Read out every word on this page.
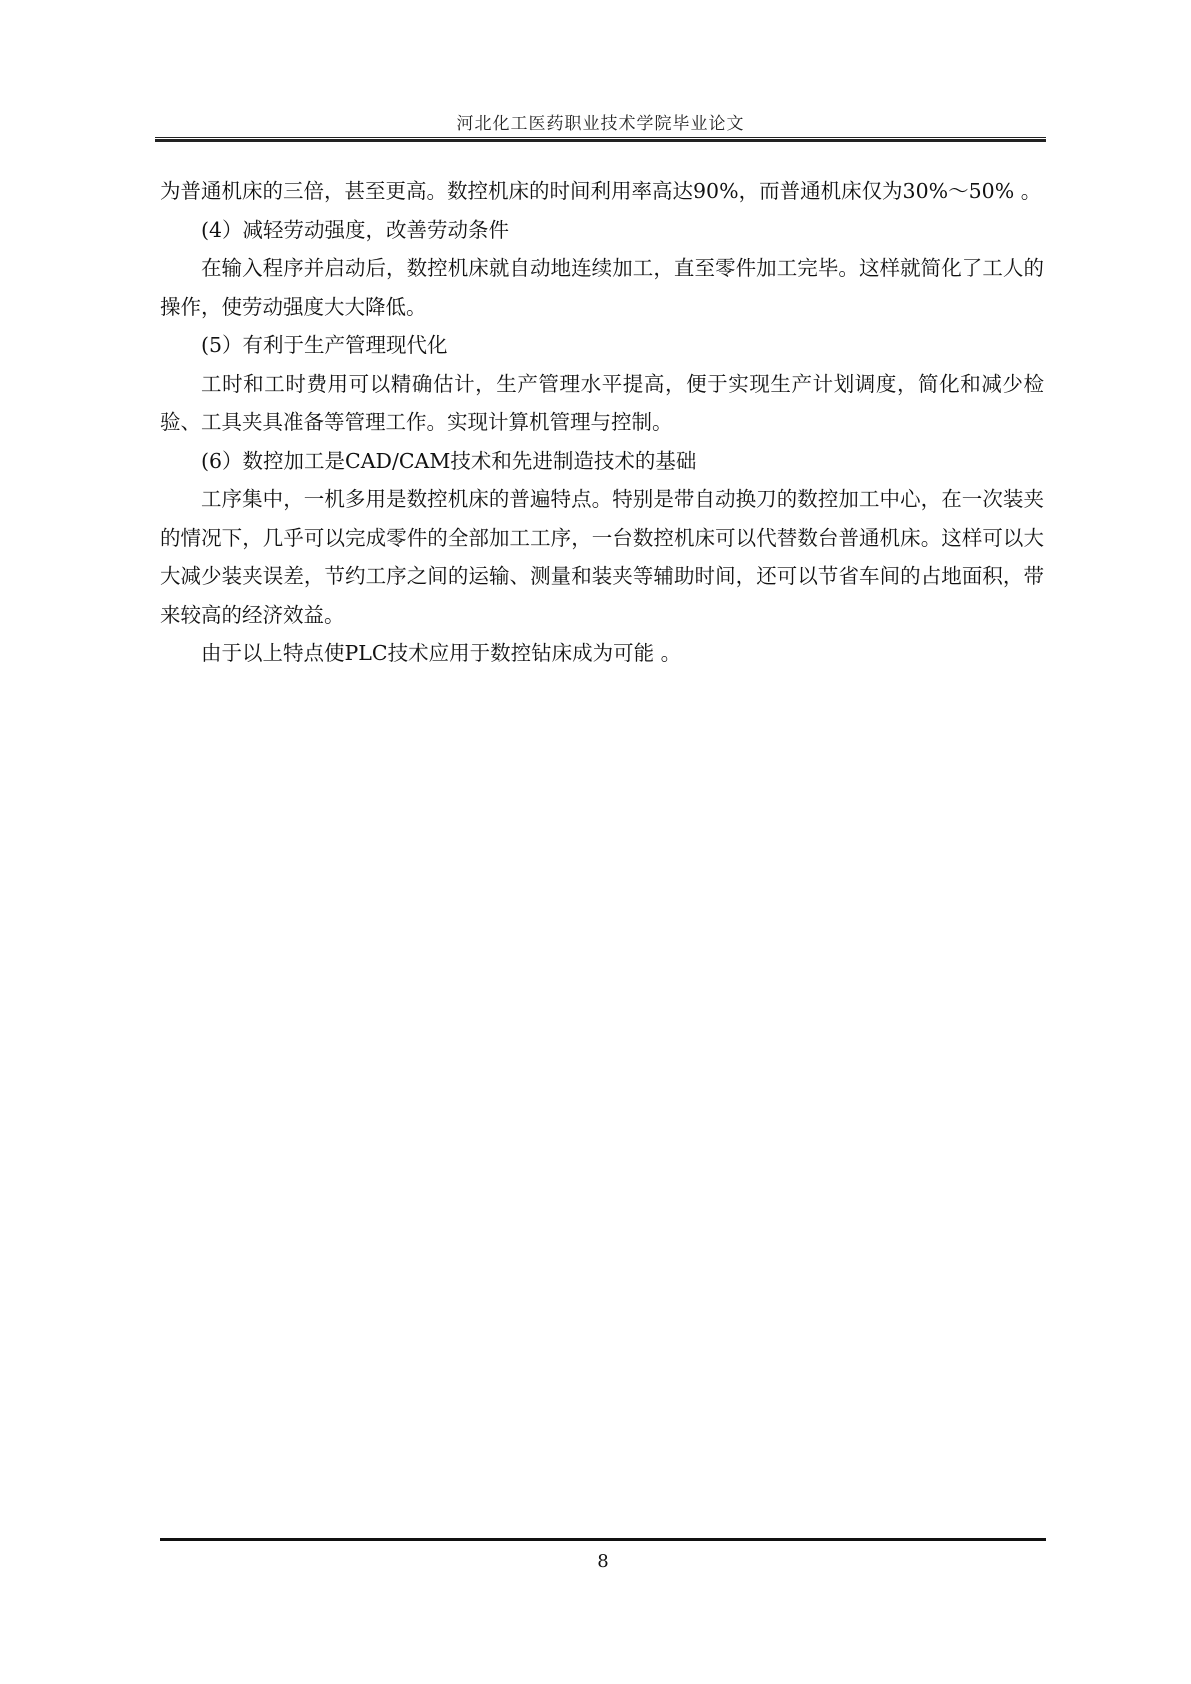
河北化工医药职业技术学院毕业论文

为普通机床的三倍，甚至更高。数控机床的时间利用率高达90%，而普通机床仅为30%～50% 。

(4）减轻劳动强度，改善劳动条件

在输入程序并启动后，数控机床就自动地连续加工，直至零件加工完毕。这样就简化了工人的操作，使劳动强度大大降低。

(5）有利于生产管理现代化

工时和工时费用可以精确估计，生产管理水平提高，便于实现生产计划调度，简化和减少检验、工具夹具准备等管理工作。实现计算机管理与控制。

(6）数控加工是CAD/CAM技术和先进制造技术的基础

工序集中，一机多用是数控机床的普遍特点。特别是带自动换刀的数控加工中心，在一次装夹的情况下，几乎可以完成零件的全部加工工序，一台数控机床可以代替数台普通机床。这样可以大大减少装夹误差，节约工序之间的运输、测量和装夹等辅助时间，还可以节省车间的占地面积，带来较高的经济效益。

由于以上特点使PLC技术应用于数控钻床成为可能 。

8
